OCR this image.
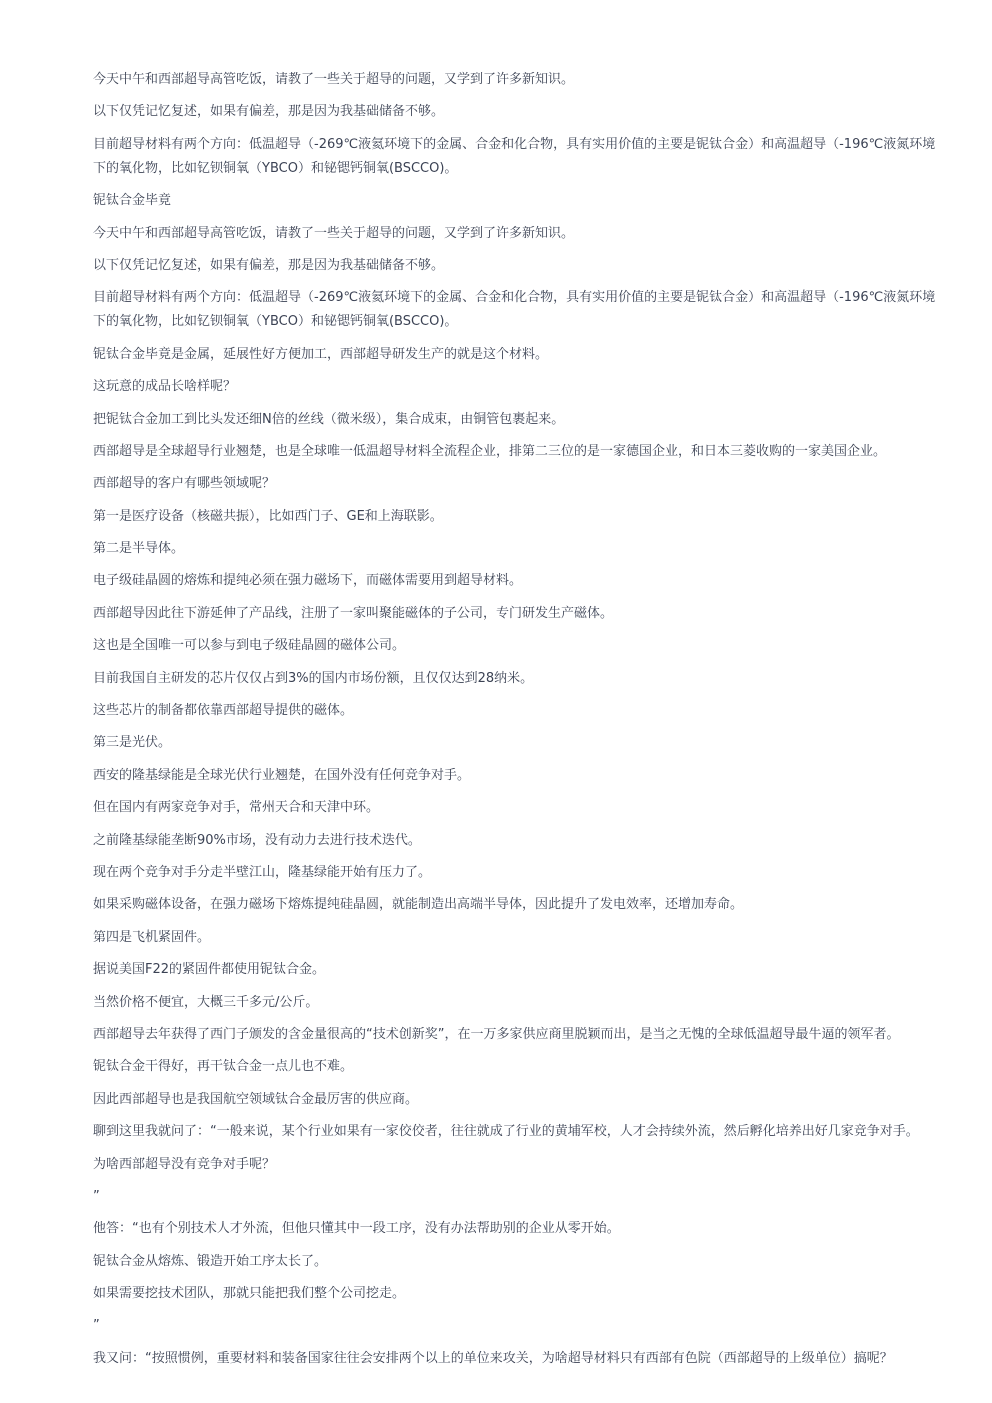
今天中午和西部超导高管吃饭，请教了一些关于超导的问题，又学到了许多新知识。

以下仅凭记忆复述，如果有偏差，那是因为我基础储备不够。

目前超导材料有两个方向：低温超导（-269℃液氦环境下的金属、合金和化合物，具有实用价值的主要是铌钛合金）和高温超导（-196℃液氮环境下的氧化物，比如钇钡铜氧（YBCO）和铋锶钙铜氧(BSCCO)。

铌钛合金毕竟

今天中午和西部超导高管吃饭，请教了一些关于超导的问题，又学到了许多新知识。

以下仅凭记忆复述，如果有偏差，那是因为我基础储备不够。

目前超导材料有两个方向：低温超导（-269℃液氦环境下的金属、合金和化合物，具有实用价值的主要是铌钛合金）和高温超导（-196℃液氮环境下的氧化物，比如钇钡铜氧（YBCO）和铋锶钙铜氧(BSCCO)。

铌钛合金毕竟是金属，延展性好方便加工，西部超导研发生产的就是这个材料。

这玩意的成品长啥样呢？

把铌钛合金加工到比头发还细N倍的丝线（微米级），集合成束，由铜管包裹起来。

西部超导是全球超导行业翘楚，也是全球唯一低温超导材料全流程企业，排第二三位的是一家德国企业，和日本三菱收购的一家美国企业。

西部超导的客户有哪些领域呢？

第一是医疗设备（核磁共振），比如西门子、GE和上海联影。

第二是半导体。

电子级硅晶圆的熔炼和提纯必须在强力磁场下，而磁体需要用到超导材料。

西部超导因此往下游延伸了产品线，注册了一家叫聚能磁体的子公司，专门研发生产磁体。

这也是全国唯一可以参与到电子级硅晶圆的磁体公司。

目前我国自主研发的芯片仅仅占到3%的国内市场份额，且仅仅达到28纳米。

这些芯片的制备都依靠西部超导提供的磁体。

第三是光伏。

西安的隆基绿能是全球光伏行业翘楚，在国外没有任何竞争对手。

但在国内有两家竞争对手，常州天合和天津中环。

之前隆基绿能垄断90%市场，没有动力去进行技术迭代。

现在两个竞争对手分走半壁江山，隆基绿能开始有压力了。

如果采购磁体设备，在强力磁场下熔炼提纯硅晶圆，就能制造出高端半导体，因此提升了发电效率，还增加寿命。

第四是飞机紧固件。

据说美国F22的紧固件都使用铌钛合金。

当然价格不便宜，大概三千多元/公斤。

西部超导去年获得了西门子颁发的含金量很高的“技术创新奖”，在一万多家供应商里脱颖而出，是当之无愧的全球低温超导最牛逼的领军者。

铌钛合金干得好，再干钛合金一点儿也不难。

因此西部超导也是我国航空领域钛合金最厉害的供应商。

聊到这里我就问了：“一般来说，某个行业如果有一家佼佼者，往往就成了行业的黄埔军校，人才会持续外流，然后孵化培养出好几家竞争对手。

为啥西部超导没有竞争对手呢？

”

他答：“也有个别技术人才外流，但他只懂其中一段工序，没有办法帮助别的企业从零开始。

铌钛合金从熔炼、锻造开始工序太长了。

如果需要挖技术团队，那就只能把我们整个公司挖走。

”

我又问：“按照惯例，重要材料和装备国家往往会安排两个以上的单位来攻关，为啥超导材料只有西部有色院（西部超导的上级单位）搞呢？
